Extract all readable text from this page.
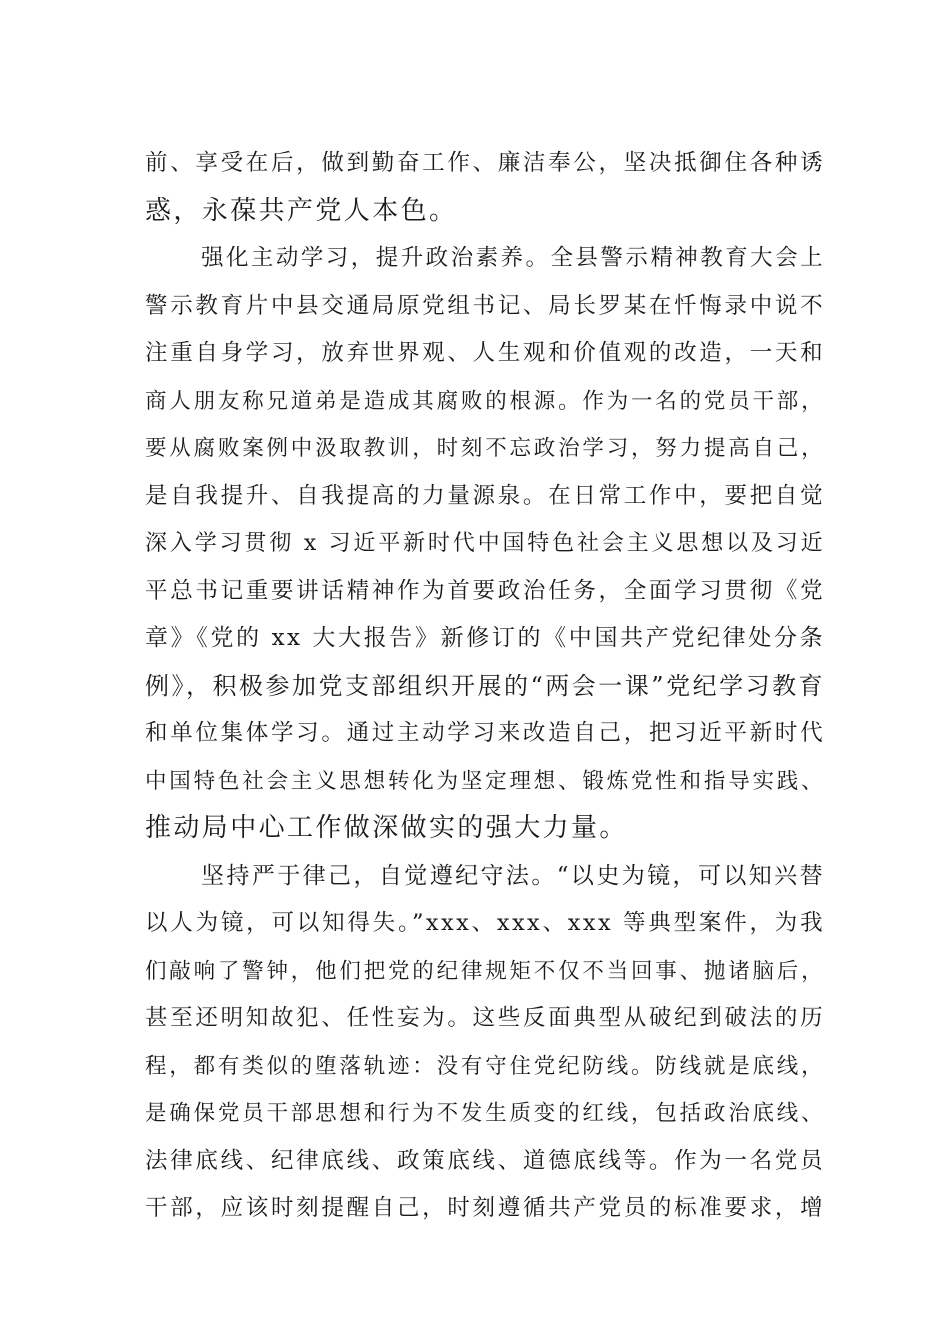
前、享受在后，做到勤奋工作、廉洁奉公，坚决抵御住各种诱
惑，永葆共产党人本色。
强化主动学习，提升政治素养。全县警示精神教育大会上
警示教育片中县交通局原党组书记、局长罗某在忏悔录中说不
注重自身学习，放弃世界观、人生观和价值观的改造，一天和
商人朋友称兄道弟是造成其腐败的根源。作为一名的党员干部，
要从腐败案例中汲取教训，时刻不忘政治学习，努力提高自己，
是自我提升、自我提高的力量源泉。在日常工作中，要把自觉
深入学习贯彻 x 习近平新时代中国特色社会主义思想以及习近
平总书记重要讲话精神作为首要政治任务，全面学习贯彻《党
章》《党的 xx 大大报告》新修订的《中国共产党纪律处分条
例》，积极参加党支部组织开展的“两会一课”党纪学习教育
和单位集体学习。通过主动学习来改造自己，把习近平新时代
中国特色社会主义思想转化为坚定理想、锻炼党性和指导实践、
推动局中心工作做深做实的强大力量。
坚持严于律己，自觉遵纪守法。“以史为镜，可以知兴替
以人为镜，可以知得失。”xxx、xxx、xxx 等典型案件，为我
们敲响了警钟，他们把党的纪律规矩不仅不当回事、抛诸脑后，
甚至还明知故犯、任性妄为。这些反面典型从破纪到破法的历
程，都有类似的堕落轨迹：没有守住党纪防线。防线就是底线，
是确保党员干部思想和行为不发生质变的红线，包括政治底线、
法律底线、纪律底线、政策底线、道德底线等。作为一名党员
干部，应该时刻提醒自己，时刻遵循共产党员的标准要求，增
